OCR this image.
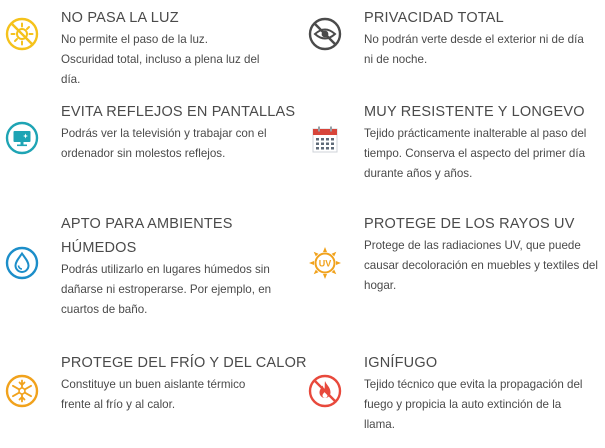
NO PASA LA LUZ

No permite el paso de la luz. Oscuridad total, incluso a plena luz del día.

PRIVACIDAD TOTAL

No podrán verte desde el exterior ni de día ni de noche.

EVITA REFLEJOS EN PANTALLAS

Podrás ver la televisión y trabajar con el ordenador sin molestos reflejos.

MUY RESISTENTE Y LONGEVO

Tejido prácticamente inalterable al paso del tiempo. Conserva el aspecto del primer día durante años y años.

APTO PARA AMBIENTES HÚMEDOS

Podrás utilizarlo en lugares húmedos sin dañarse ni estroperarse. Por ejemplo, en cuartos de baño.

UV
PROTEGE DE LOS RAYOS UV

Protege de las radiaciones UV, que puede causar decoloración en muebles y textiles del hogar.

PROTEGE DEL FRÍO Y DEL CALOR

Constituye un buen aislante térmico frente al frío y al calor.

IGNÍFUGO

Tejido técnico que evita la propagación del fuego y propicia la auto extinción de la llama.
